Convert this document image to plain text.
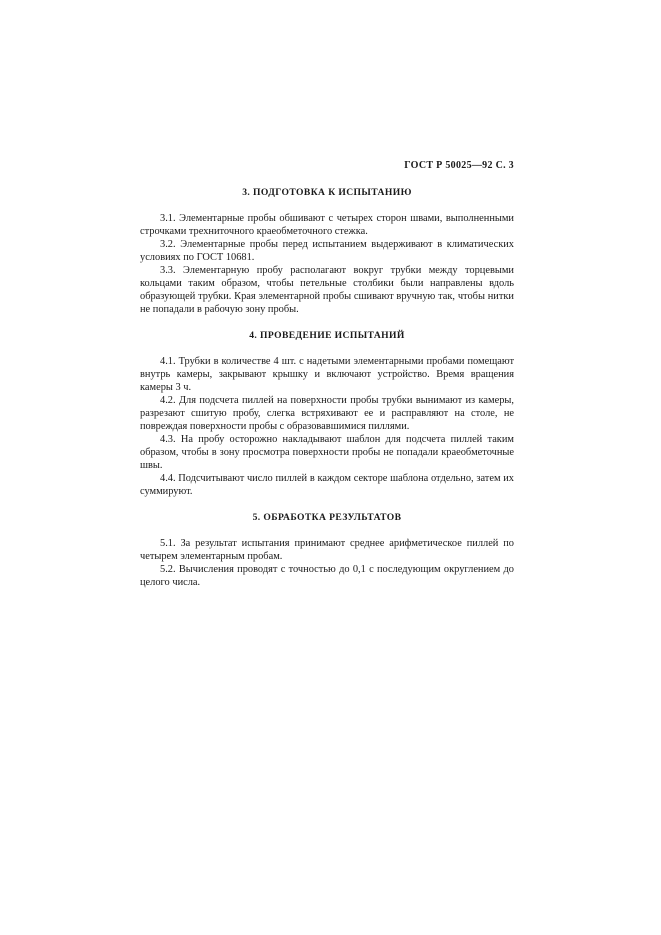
ГОСТ Р 50025—92 С. 3
3. ПОДГОТОВКА К ИСПЫТАНИЮ

3.1. Элементарные пробы обшивают с четырех сторон швами, выполненными строчками трехниточного краеобметочного стежка.

3.2. Элементарные пробы перед испытанием выдерживают в климатических условиях по ГОСТ 10681.

3.3. Элементарную пробу располагают вокруг трубки между торцевыми кольцами таким образом, чтобы петельные столбики были направлены вдоль образующей трубки. Края элементарной пробы сшивают вручную так, чтобы нитки не попадали в рабочую зону пробы.

4. ПРОВЕДЕНИЕ ИСПЫТАНИЙ

4.1. Трубки в количестве 4 шт. с надетыми элементарными пробами помещают внутрь камеры, закрывают крышку и включают устройство. Время вращения камеры 3 ч.

4.2. Для подсчета пиллей на поверхности пробы трубки вынимают из камеры, разрезают сшитую пробу, слегка встряхивают ее и расправляют на столе, не повреждая поверхности пробы с образовавшимися пиллями.

4.3. На пробу осторожно накладывают шаблон для подсчета пиллей таким образом, чтобы в зону просмотра поверхности пробы не попадали краеобметочные швы.

4.4. Подсчитывают число пиллей в каждом секторе шаблона отдельно, затем их суммируют.

5. ОБРАБОТКА РЕЗУЛЬТАТОВ

5.1. За результат испытания принимают среднее арифметическое пиллей по четырем элементарным пробам.

5.2. Вычисления проводят с точностью до 0,1 с последующим округлением до целого числа.
